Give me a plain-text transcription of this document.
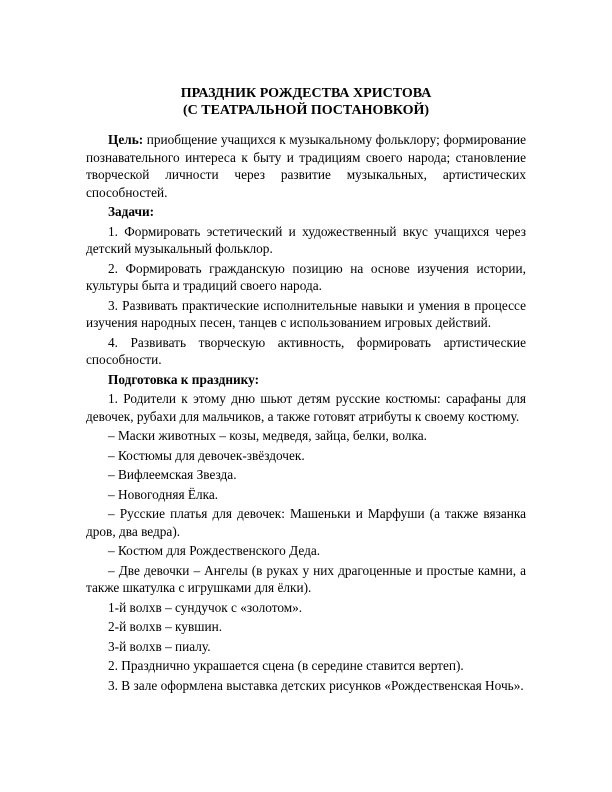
ПРАЗДНИК РОЖДЕСТВА ХРИСТОВА
(С ТЕАТРАЛЬНОЙ ПОСТАНОВКОЙ)

Цель: приобщение учащихся к музыкальному фольклору; формирование познавательного интереса к быту и традициям своего народа; становление творческой личности через развитие музыкальных, артистических способностей.

Задачи:

1. Формировать эстетический и художественный вкус учащихся через детский музыкальный фольклор.

2. Формировать гражданскую позицию на основе изучения истории, культуры быта и традиций своего народа.

3. Развивать практические исполнительные навыки и умения в процессе изучения народных песен, танцев с использованием игровых действий.

4. Развивать творческую активность, формировать артистические способности.

Подготовка к празднику:

1. Родители к этому дню шьют детям русские костюмы: сарафаны для девочек, рубахи для мальчиков, а также готовят атрибуты к своему костюму.

– Маски животных – козы, медведя, зайца, белки, волка.

– Костюмы для девочек-звёздочек.

– Вифлеемская Звезда.

– Новогодняя Ёлка.

– Русские платья для девочек: Машеньки и Марфуши (а также вязанка дров, два ведра).

– Костюм для Рождественского Деда.

– Две девочки – Ангелы (в руках у них драгоценные и простые камни, а также шкатулка с игрушками для ёлки).

1-й волхв – сундучок с «золотом».

2-й волхв – кувшин.

3-й волхв – пиалу.

2. Празднично украшается сцена (в середине ставится вертеп).

3. В зале оформлена выставка детских рисунков «Рождественская Ночь».
